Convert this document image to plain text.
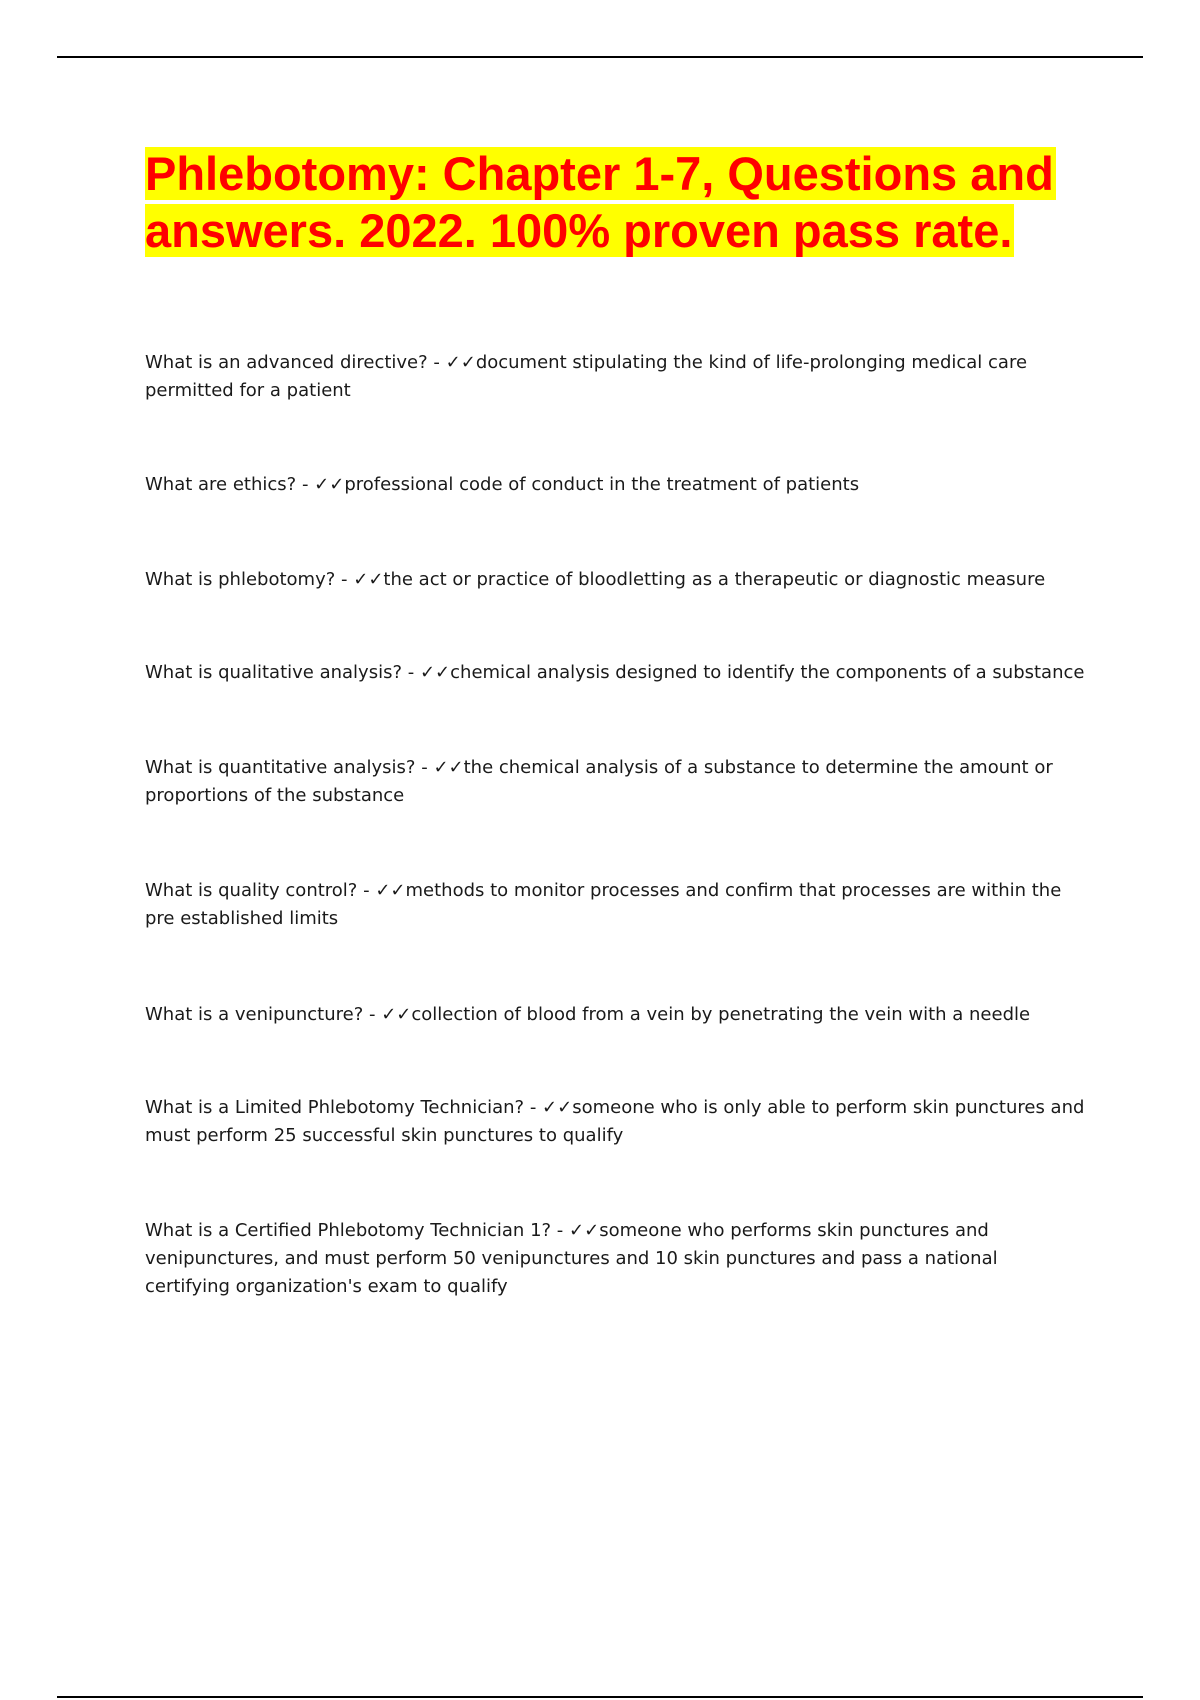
Phlebotomy: Chapter 1-7, Questions and answers. 2022. 100% proven pass rate.

What is an advanced directive? - ✓✓document stipulating the kind of life-prolonging medical care permitted for a patient

What are ethics? - ✓✓professional code of conduct in the treatment of patients

What is phlebotomy? - ✓✓the act or practice of bloodletting as a therapeutic or diagnostic measure

What is qualitative analysis? - ✓✓chemical analysis designed to identify the components of a substance

What is quantitative analysis? - ✓✓the chemical analysis of a substance to determine the amount or proportions of the substance

What is quality control? - ✓✓methods to monitor processes and confirm that processes are within the pre established limits

What is a venipuncture? - ✓✓collection of blood from a vein by penetrating the vein with a needle

What is a Limited Phlebotomy Technician? - ✓✓someone who is only able to perform skin punctures and must perform 25 successful skin punctures to qualify

What is a Certified Phlebotomy Technician 1? - ✓✓someone who performs skin punctures and venipunctures, and must perform 50 venipunctures and 10 skin punctures and pass a national certifying organization's exam to qualify
